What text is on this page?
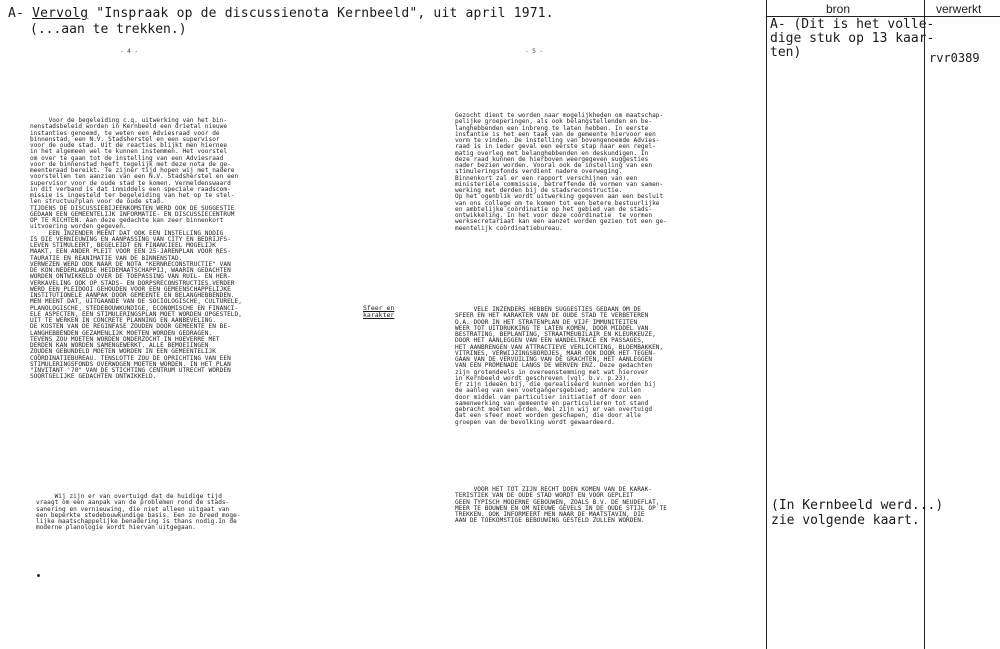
A- Vervolg "Inspraak op de discussienota Kernbeeld", uit april 1971.
(...aan te trekken.)
- 4 -	- 5 -
Voor de begeleiding c.q. uitwerking van het bin-
nenstadsbeleid worden in Kernbeeld een drietal nieuwe
instanties genoemd, te weten een Adviesraad voor de
binnenstad, een N.V. Stadsherstel en een supervisor
voor de oude stad. Uit de reacties blijkt men hiernee
in het algemeen wel te kunnen instemmen. Het voorstel
om over te gaan tot de instelling van een Adviesraad
voor de binnenstad heeft tegelijk met deze nota de ge-
meenteraad bereikt. Te zijner tijd hopen wij met nadere
voorstellen ten aanzien van een N.V. Stadsherstel en een
supervisor voor de oude stad te komen. Vermeldenswaard
in dit verband is dat inmiddels een speciale raadscom-
missie is ingesteld ter begeleiding van het op te stel-
len structuurplan voor de oude stad.
TIJDENS DE DISCUSSIEBIJEENKOMSTEN WERD OOK DE SUGGESTIE
GEDAAN EEN GEMEENTELIJK INFORMATIE- EN DISCUSSIECENTRUM
OP TE RICHTEN. Aan deze gedachte kan zeer binnenkort
uitvoering worden gegeven.
EEN INZENDER MEENT DAT OOK EEN INSTELLING NODIG
IS DIE VERNIEUWING EN AANPASSING VAN CITY EN BEDRIJFS-
LEVEN STIMULEERT, BEGELEIDT EN FINANCIEEL MOGELIJK
MAAKT. EEN ANDER PLEIT VOOR EEN 25-JARENPLAN VOOR RES-
TAURATIE EN REANIMATIE VAN DE BINNENSTAD.
VERWEZEN WERD OOK NAAR DE NOTA "KERNRECONSTRUCTIE" VAN
DE KON.NEDERLANDSE HEIDEMAATSCHAPPIJ, WAARIN GEDACHTEN
WORDEN ONTWIKKELD OVER DE TOEPASSING VAN RUIL- EN HER-
VERKAVELING OOK OP STADS- EN DORPSRECONSTRUCTIES.VERDER
WERD EEN PLEIDOOI GEHOUDEN VOOR EEN GEMEENSCHAPPELIJKE
INSTITUTIONELE AANPAK DOOR GEMEENTE EN BELANGHEBBENDEN.
MEN MEENT DAT, UITGAANDE VAN DE SOCIOLOGISCHE, CULTURELE,
PLANOLOGISCHE, STEDEBOUWKUNDIGE, ECONOMISCHE EN FINANCI-
ELE ASPECTEN, EEN STIMULERINGSPLAN MOET WORDEN OPGESTELD,
UIT TE WERKEN IN CONCRETE PLANNING EN AANBEVELING.
DE KOSTEN VAN DE REGINFASE ZOUDEN DOOR GEMEENTE EN BE-
LANGHEBBENDEN GEZAMENLIJK MOETEN WORDEN GEDRAGEN.
TEVENS ZOU MOETEN WORDEN ONDERZOCHT IN HOEVERRE MET
DERDEN KAN WORDEN SAMENGEWERKT. ALLE BEMOEIINGEN
ZOUDEN GEBUNDELD MOETEN WORDEN IN EEN GEMEENTELIJK
COÖRDINATIEBUREAU. TENSLOTTE ZOU DE OPRICHTING VAN EEN
STIMULERINGSFONDS OVERWOGEN MOETEN WORDEN. IN HET PLAN
"INVITANT '70" VAN DE STICHTING CENTRUM UTRECHT WORDEN
SOORTGELIJKE GEDACHTEN ONTWIKKELD.
Wij zijn er van overtuigd dat de huidige tijd
vraagt om een aanpak van de problemen rond de stads-
sanering en vernieuwing, die niet alleen uitgaat van
een beperkte stedebouwkundige basis. Een zo breed moge-
lijke maatschappelijke benadering is thans nodig.In de
moderne planologie wordt hiervan uitgegaan.
Sfeer en
karakter
Gezocht dient te worden naar mogelijkheden om maatschap-
pelijke groeperingen, als ook belangstellenden en be-
langhebbenden een inbreng te laten hebben. In eerste
instantie is het een taak van de gemeente hiervoor een
vorm te vinden. De instelling van bovengenoemde Advies-
raad is in ieder geval een eerste stap naar een regel-
matig overleg met belanghebbenden en deskundigen. In
deze raad kunnen de hierboven weergegeven suggesties
nader bezien worden. Vooral ook de instelling van een
stimuleringsfonds verdient nadere overweging.
Binnenkort zal er een rapport verschijnen van een
ministeriële commissie, betreffende de vormen van samen-
werking met derden bij de stadsreconstructie.
Op het ogenblik wordt uitwerking gegeven aan een besluit
van ons college om te komen tot een betere bestuurlijke
en ambtelijke coördinatie op het gebied van de stads-
ontwikkeling. In het voor deze coördinatie  te vormen
werksecretariaat kan een aanzet worden gezien tot een ge-
meentelijk coördinatiebureau.
VELE INZENDERS HEBBEN SUGGESTIES GEDAAN OM DE
SFEER EN HET KARAKTER VAN DE OUDE STAD TE VERBETEREN
O.A. DOOR IN HET STRATENPLAN DE VIJF IMMUNITEITEN
WEER TOT UITDRUKKING TE LATEN KOMEN, DOOR MIDDEL VAN
BESTRATING, BEPLANTING, STRAATMEUBILAIR EN KLEURKEUZE,
DOOR HET AANLEGGEN VAN EEN WANDELTRACÉ EN PASSAGES,
HET AANBRENGEN VAN ATTRACTIEVE VERLICHTING, BLOEMBAKKEN,
VITRINES, VERWIJZINGSBORDJES, MAAR OOK DOOR HET TEGEN-
GAAN VAN DE VERVUILING VAN DE GRACHTEN, HET AANLEGGEN
VAN EEN PROMENADE LANGS DE WERVEN ENZ. Deze gedachten
zijn grotendeels in overeenstemming met wat hierover
in Kernbeeld wordt geschreven (vgl. b.v. p.23).
Er zijn ideeën bij, die gerealiseerd kunnen worden bij
de aanleg van een voetgangersgebied; andere zullen
door middel van particulier initiatief of door een
samenwerking van gemeente en particulieren tot stand
gebracht moeten worden. Wel zijn wij er van overtuigd
dat een sfeer moet worden geschapen, die door alle
groepen van de bevolking wordt gewaardeerd.
VOOR HET TOT ZIJN RECHT DOEN KOMEN VAN DE KARAK-
TERISTIEK VAN DE OUDE STAD WORDT EN VOOR GEPLEIT
GEEN TYPISCH MODERNE GEBOUWEN, ZOALS B.V. DE NEUDEFLAT,
MEER TE BOUWEN EN OM NIEUWE GEVELS IN DE OUDE STIJL OP TE
TREKKEN. OOK INFORMEERT MEN NAAR DE MAATSTAVIN, DIE
AAN DE TOEKOMSTIGE BEBOUWING GESTELD ZULLEN WORDEN.
bron	verwerkt
A- (Dit is het volle-
dige stuk op 13 kaar-
ten)	rvr0389
(In Kernbeeld werd...)
zie volgende kaart.
